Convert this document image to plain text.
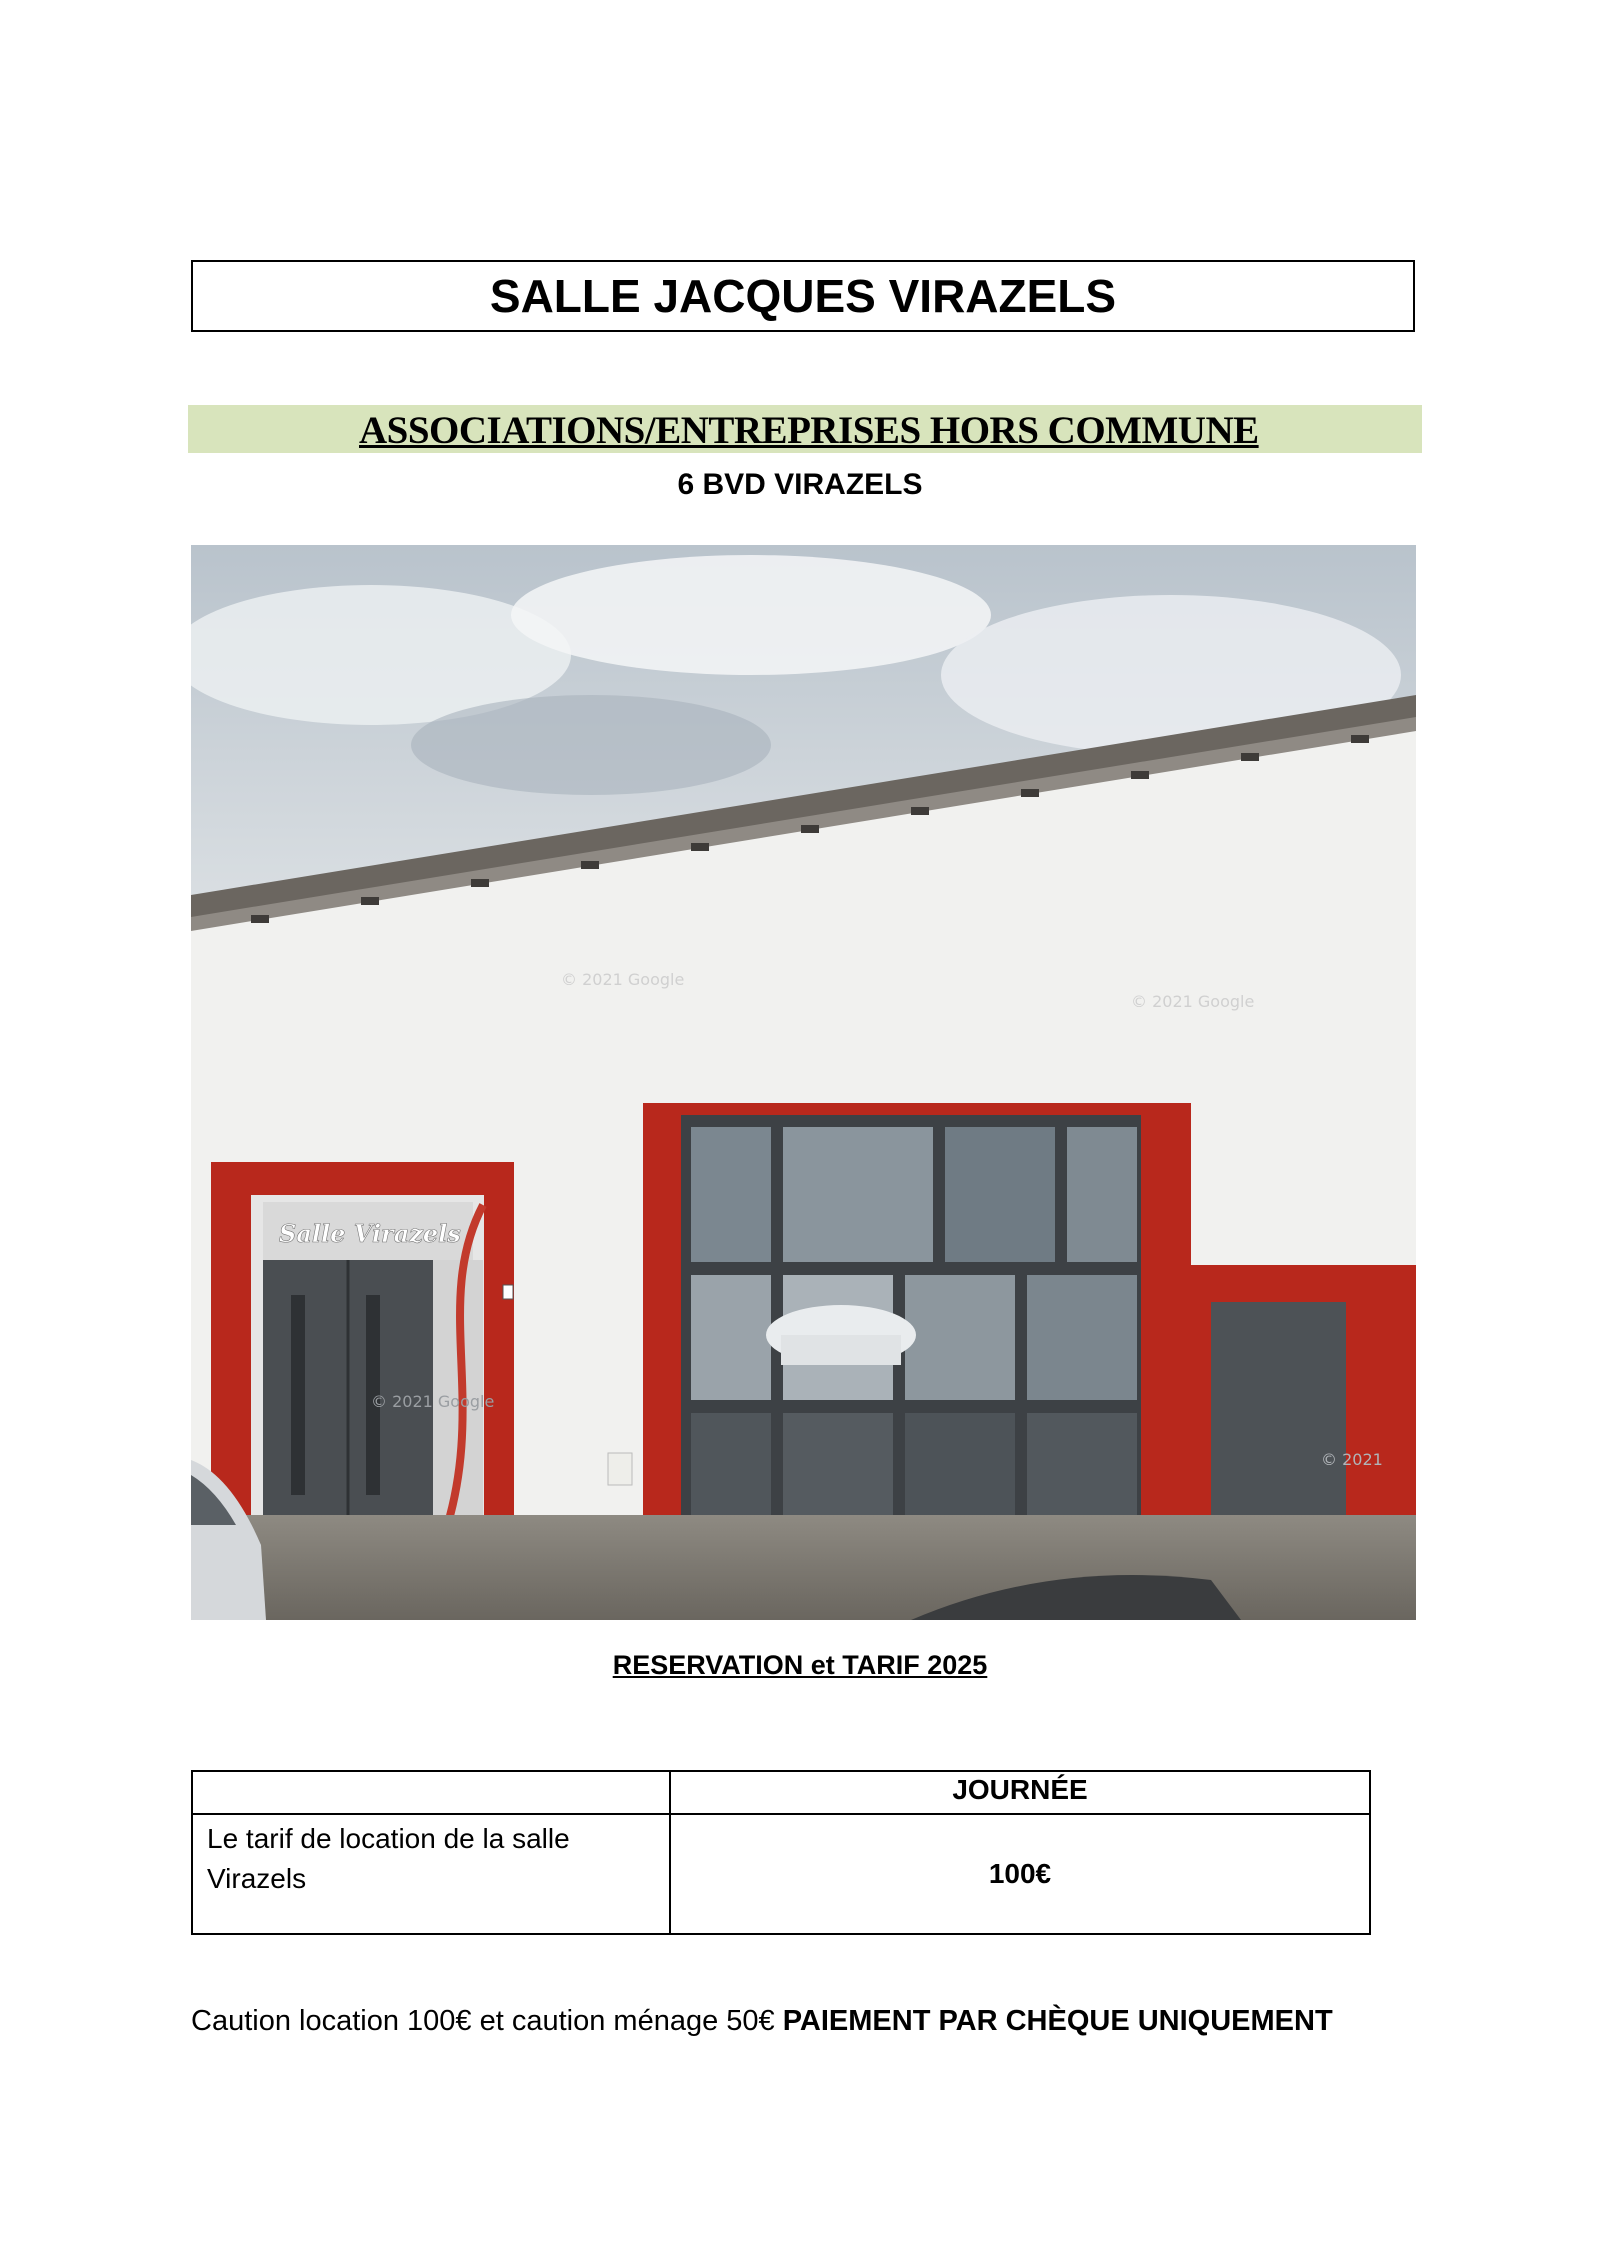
SALLE JACQUES VIRAZELS
ASSOCIATIONS/ENTREPRISES HORS COMMUNE
6 BVD VIRAZELS
Salle Virazels
© 2021 Google
© 2021 Google
© 2021 Google
© 2021
RESERVATION et TARIF 2025
	JOURNÉE
Le tarif de location de la salle Virazels	100€
Caution location 100€ et caution ménage 50€ PAIEMENT PAR CHÈQUE UNIQUEMENT
